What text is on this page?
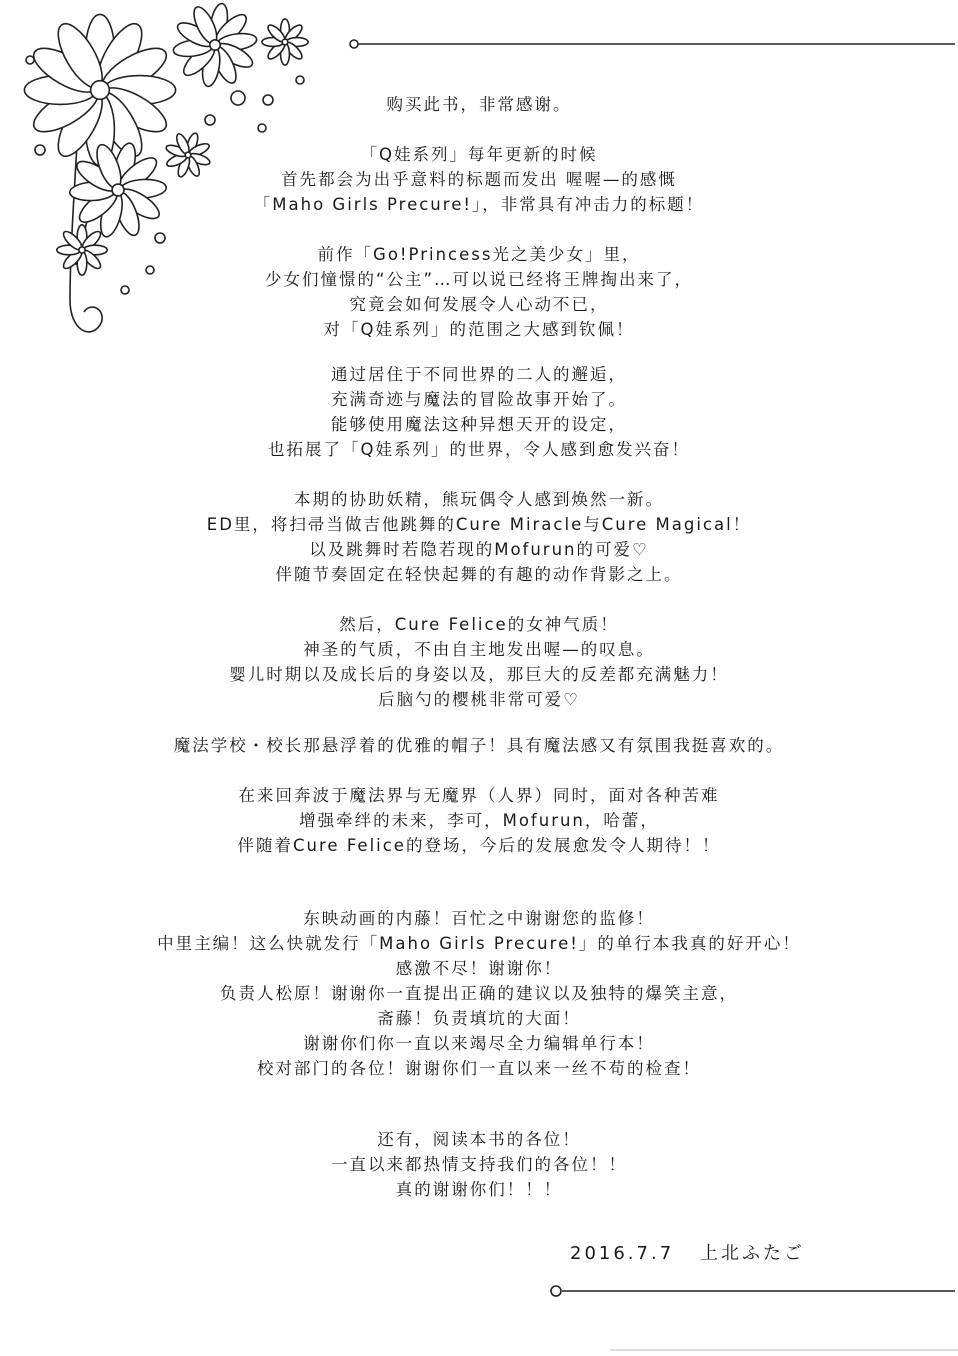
购买此书，非常感谢。
「Q娃系列」每年更新的时候
首先都会为出乎意料的标题而发出 喔喔—的感慨
「Maho Girls Precure!」，非常具有冲击力的标题！
前作「Go!Princess光之美少女」里，
少女们憧憬的“公主”…可以说已经将王牌掏出来了，
究竟会如何发展令人心动不已，
对「Q娃系列」的范围之大感到钦佩！
通过居住于不同世界的二人的邂逅，
充满奇迹与魔法的冒险故事开始了。
能够使用魔法这种异想天开的设定，
也拓展了「Q娃系列」的世界，令人感到愈发兴奋！
本期的协助妖精，熊玩偶令人感到焕然一新。
ED里，将扫帚当做吉他跳舞的Cure Miracle与Cure Magical！
以及跳舞时若隐若现的Mofurun的可爱♡
伴随节奏固定在轻快起舞的有趣的动作背影之上。
然后，Cure Felice的女神气质！
神圣的气质，不由自主地发出喔—的叹息。
婴儿时期以及成长后的身姿以及，那巨大的反差都充满魅力！
后脑勺的樱桃非常可爱♡
魔法学校・校长那悬浮着的优雅的帽子！具有魔法感又有氛围我挺喜欢的。
在来回奔波于魔法界与无魔界（人界）同时，面对各种苦难
增强牵绊的未来，李可，Mofurun，哈蕾，
伴随着Cure Felice的登场，今后的发展愈发令人期待！！
东映动画的内藤！百忙之中谢谢您的监修！
中里主编！这么快就发行「Maho Girls Precure!」的单行本我真的好开心！
感激不尽！谢谢你！
负责人松原！谢谢你一直提出正确的建议以及独特的爆笑主意，
斋藤！负责填坑的大面！
谢谢你们你一直以来竭尽全力编辑单行本！
校对部门的各位！谢谢你们一直以来一丝不苟的检查！
还有，阅读本书的各位！
一直以来都热情支持我们的各位！！
真的谢谢你们！！！
2016.7.7 上北ふたご
